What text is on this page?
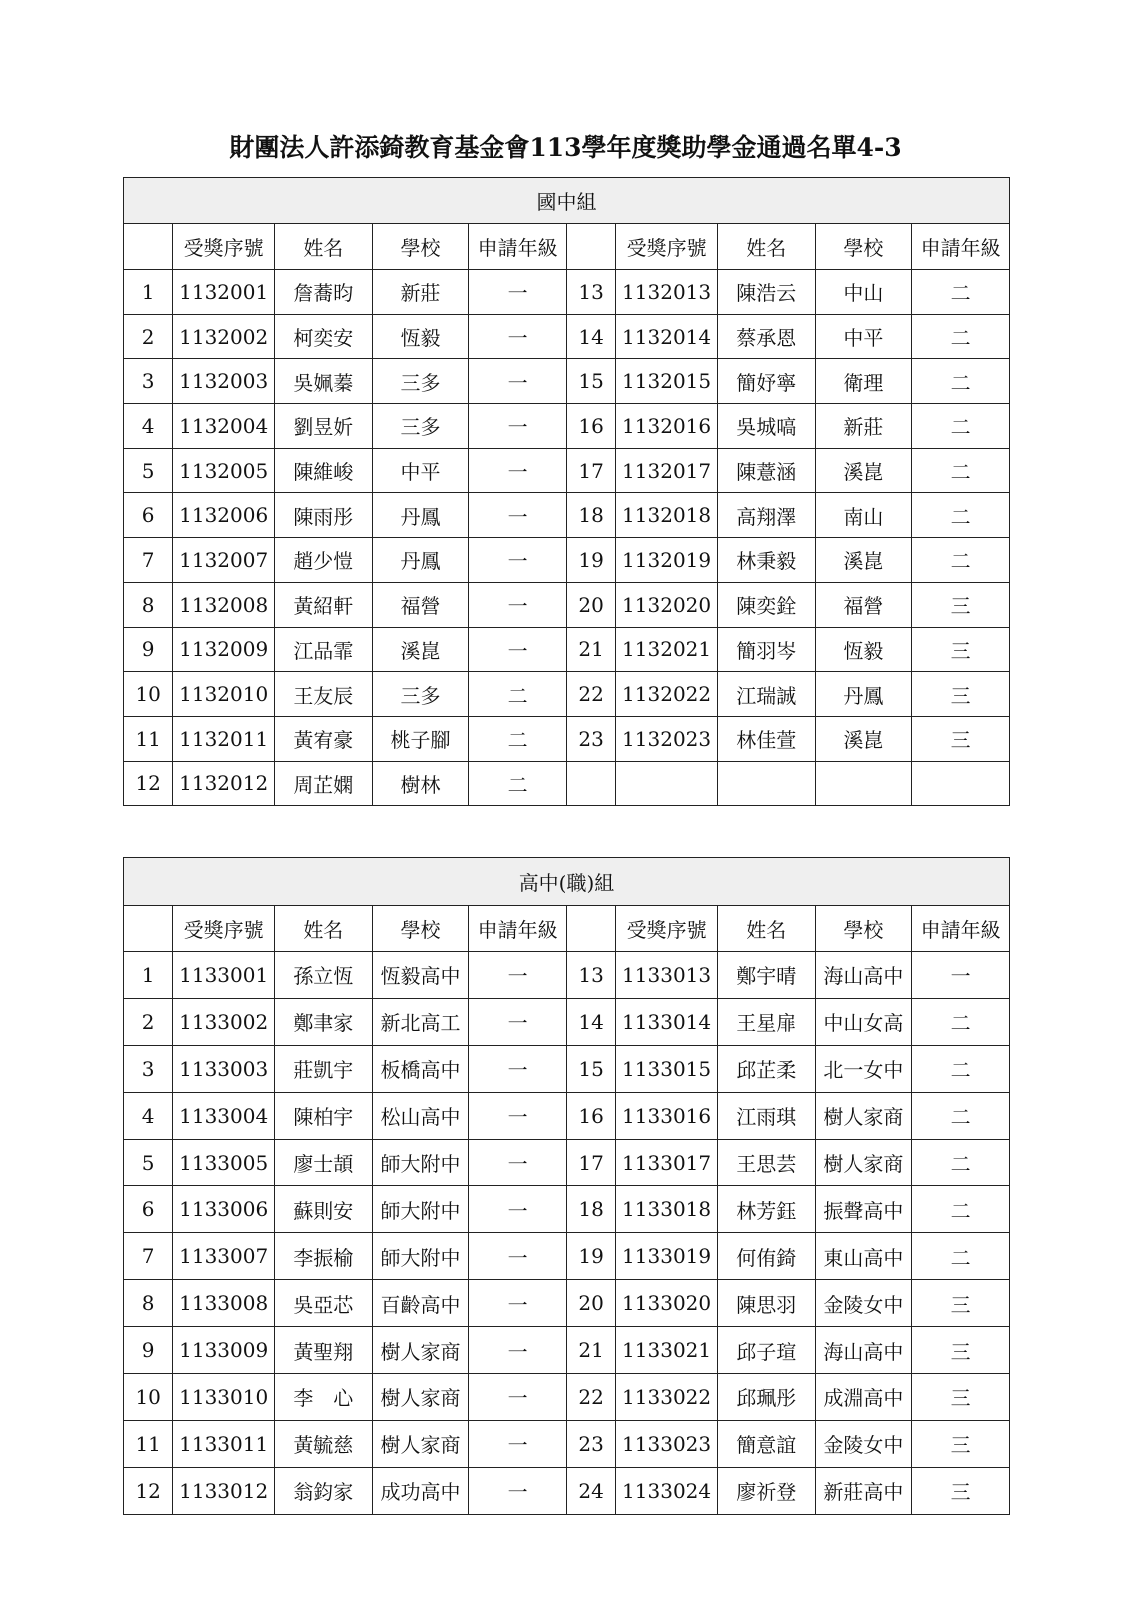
財團法人許添錡教育基金會113學年度獎助學金通過名單4-3
國中組									
	受獎序號	姓名	學校	申請年級		受獎序號	姓名	學校	申請年級
1	1132001	詹蕎昀	新莊	一	13	1132013	陳浩云	中山	二
2	1132002	柯奕安	恆毅	一	14	1132014	蔡承恩	中平	二
3	1132003	吳姵蓁	三多	一	15	1132015	簡妤寧	衛理	二
4	1132004	劉昱妡	三多	一	16	1132016	吳城嗃	新莊	二
5	1132005	陳維峻	中平	一	17	1132017	陳薏涵	溪崑	二
6	1132006	陳雨彤	丹鳳	一	18	1132018	高翔澤	南山	二
7	1132007	趙少愷	丹鳳	一	19	1132019	林秉毅	溪崑	二
8	1132008	黃紹軒	福營	一	20	1132020	陳奕銓	福營	三
9	1132009	江品霏	溪崑	一	21	1132021	簡羽岑	恆毅	三
10	1132010	王友辰	三多	二	22	1132022	江瑞誠	丹鳳	三
11	1132011	黃宥豪	桃子腳	二	23	1132023	林佳萱	溪崑	三
12	1132012	周芷嫻	樹林	二					
高中(職)組									
	受獎序號	姓名	學校	申請年級		受獎序號	姓名	學校	申請年級
1	1133001	孫立恆	恆毅高中	一	13	1133013	鄭宇晴	海山高中	一
2	1133002	鄭聿家	新北高工	一	14	1133014	王星扉	中山女高	二
3	1133003	莊凱宇	板橋高中	一	15	1133015	邱芷柔	北一女中	二
4	1133004	陳柏宇	松山高中	一	16	1133016	江雨琪	樹人家商	二
5	1133005	廖士頡	師大附中	一	17	1133017	王思芸	樹人家商	二
6	1133006	蘇則安	師大附中	一	18	1133018	林芳鈺	振聲高中	二
7	1133007	李振榆	師大附中	一	19	1133019	何侑錡	東山高中	二
8	1133008	吳亞芯	百齡高中	一	20	1133020	陳思羽	金陵女中	三
9	1133009	黃聖翔	樹人家商	一	21	1133021	邱子瑄	海山高中	三
10	1133010	李　心	樹人家商	一	22	1133022	邱珮彤	成淵高中	三
11	1133011	黃毓慈	樹人家商	一	23	1133023	簡意誼	金陵女中	三
12	1133012	翁鈞家	成功高中	一	24	1133024	廖祈登	新莊高中	三
